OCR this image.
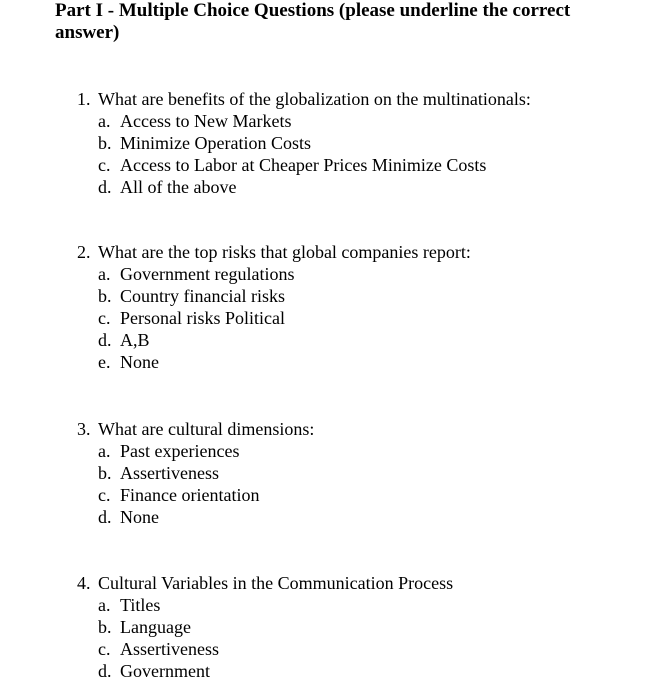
Part I - Multiple Choice Questions (please underline the correct answer)
1. What are benefits of the globalization on the multinationals:
a. Access to New Markets
b. Minimize Operation Costs
c. Access to Labor at Cheaper Prices Minimize Costs
d. All of the above
2. What are the top risks that global companies report:
a. Government regulations
b. Country financial risks
c. Personal risks Political
d. A,B
e. None
3. What are cultural dimensions:
a. Past experiences
b. Assertiveness
c. Finance orientation
d. None
4. Cultural Variables in the Communication Process
a. Titles
b. Language
c. Assertiveness
d. Government
